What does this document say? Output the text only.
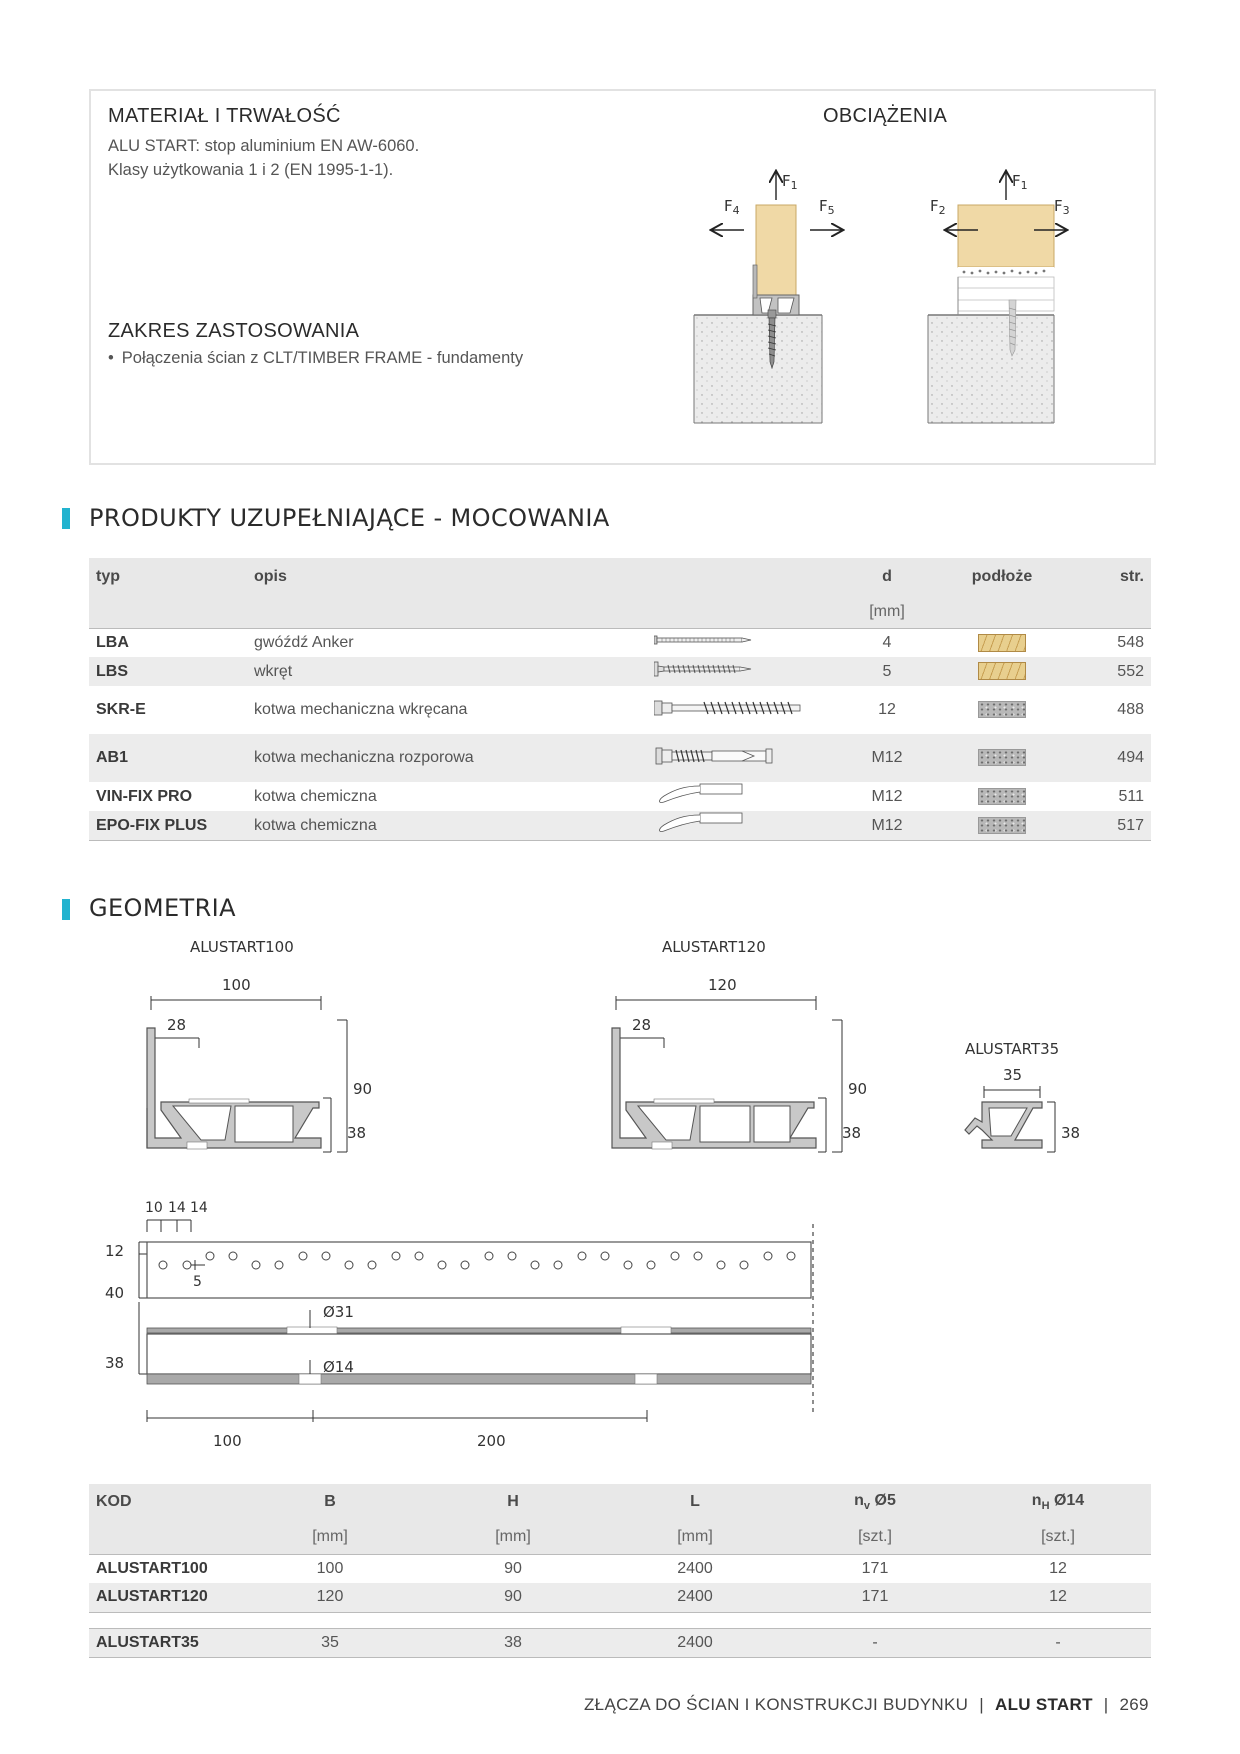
MATERIAŁ I TRWAŁOŚĆ
ALU START: stop aluminium EN AW-6060.
Klasy użytkowania 1 i 2 (EN 1995-1-1).
ZAKRES ZASTOSOWANIA
• Połączenia ścian z CLT/TIMBER FRAME - fundamenty
OBCIĄŻENIA
$F_1$
$F_4$	$F_5$
$F_1$
$F_2$	$F_3$
PRODUKTY UZUPEŁNIAJĄCE - MOCOWANIA
typ	opis		d	podłoże	str.
			[mm]		
LBA	gwóźdź Anker		4		548
LBS	wkręt		5		552
SKR-E	kotwa mechaniczna wkręcana		12		488
AB1	kotwa mechaniczna rozporowa		M12		494
VIN-FIX PRO	kotwa chemiczna		M12		511
EPO-FIX PLUS	kotwa chemiczna		M12		517
GEOMETRIA
ALUSTART100
100
28
90
38
ALUSTART120
120
28
90
38
ALUSTART35
35
38
10 14 14
12
40
38
5
Ø31
Ø14
100	200
KOD	B	H	L	$n_v$ Ø5	$n_H$ Ø14
	[mm]	[mm]	[mm]	[szt.]	[szt.]
ALUSTART100	100	90	2400	171	12
ALUSTART120	120	90	2400	171	12

ALUSTART35	35	38	2400	-	-
ZŁĄCZA DO ŚCIAN I KONSTRUKCJI BUDYNKU | ALU START | 269
